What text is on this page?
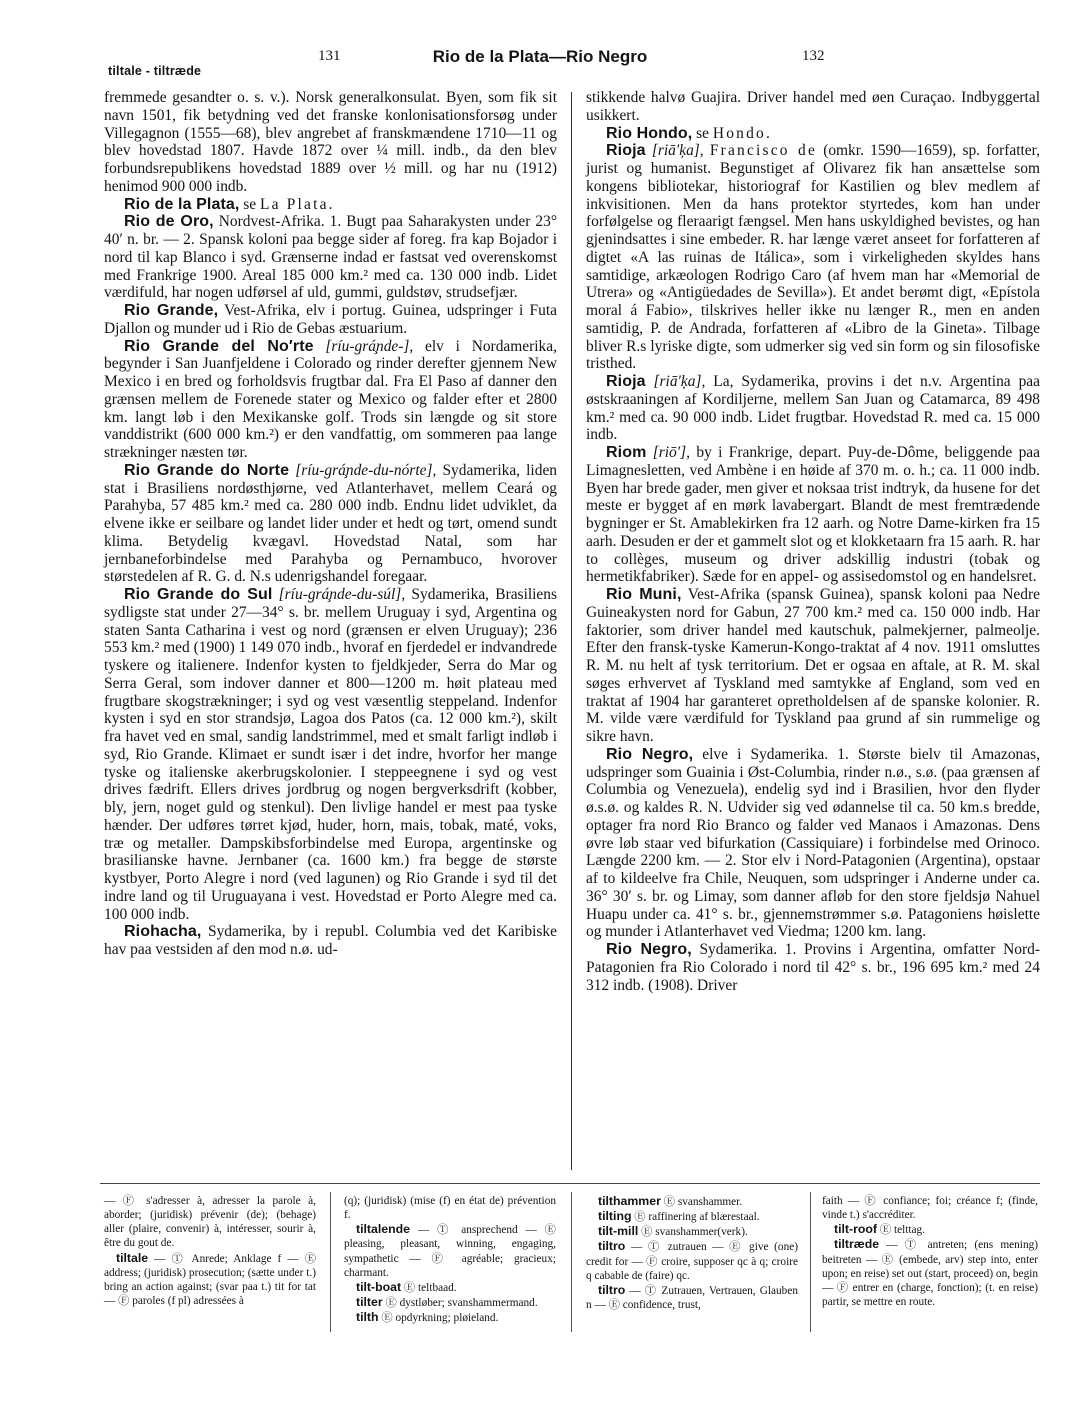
tiltale - tiltræde
131	Rio de la Plata—Rio Negro	132

fremmede gesandter o. s. v.). Norsk generalkonsulat. Byen, som fik sit navn 1501, fik betydning ved det franske konlonisationsforsøg under Villegagnon (1555—68), blev angrebet af franskmændene 1710—11 og blev hovedstad 1807. Havde 1872 over ¼ mill. indb., da den blev forbundsrepublikens hovedstad 1889 over ½ mill. og har nu (1912) henimod 900 000 indb.

Rio de la Plata, se La Plata.

Rio de Oro, Nordvest-Afrika. 1. Bugt paa Saharakysten under 23° 40′ n. br. — 2. Spansk koloni paa begge sider af foreg. fra kap Bojador i nord til kap Blanco i syd. Grænserne indad er fastsat ved overenskomst med Frankrige 1900. Areal 185 000 km.² med ca. 130 000 indb. Lidet værdifuld, har nogen udførsel af uld, gummi, guldstøv, strudsefjær.

Rio Grande, Vest-Afrika, elv i portug. Guinea, udspringer i Futa Djallon og munder ud i Rio de Gebas æstuarium.

Rio Grande del No′rte [ríu-grá̧nde-], elv i Nordamerika, begynder i San Juanfjeldene i Colorado og rinder derefter gjennem New Mexico i en bred og forholdsvis frugtbar dal. Fra El Paso af danner den grænsen mellem de Forenede stater og Mexico og falder efter et 2800 km. langt løb i den Mexikanske golf. Trods sin længde og sit store vanddistrikt (600 000 km.²) er den vandfattig, om sommeren paa lange strækninger næsten tør.

Rio Grande do Norte [ríu-grá̧nde-du-nórte], Sydamerika, liden stat i Brasiliens nordøsthjørne, ved Atlanterhavet, mellem Ceará og Parahyba, 57 485 km.² med ca. 280 000 indb. Endnu lidet udviklet, da elvene ikke er seilbare og landet lider under et hedt og tørt, omend sundt klima. Betydelig kvægavl. Hovedstad Natal, som har jernbaneforbindelse med Parahyba og Pernambuco, hvorover størstedelen af R. G. d. N.s udenrigshandel foregaar.

Rio Grande do Sul [ríu-grá̧nde-du-súl], Sydamerika, Brasiliens sydligste stat under 27—34° s. br. mellem Uruguay i syd, Argentina og staten Santa Catharina i vest og nord (grænsen er elven Uruguay); 236 553 km.² med (1900) 1 149 070 indb., hvoraf en fjerdedel er indvandrede tyskere og italienere. Indenfor kysten to fjeldkjeder, Serra do Mar og Serra Geral, som indover danner et 800—1200 m. høit plateau med frugtbare skogstrækninger; i syd og vest væsentlig steppeland. Indenfor kysten i syd en stor strandsjø, Lagoa dos Patos (ca. 12 000 km.²), skilt fra havet ved en smal, sandig landstrimmel, med et smalt farligt indløb i syd, Rio Grande. Klimaet er sundt især i det indre, hvorfor her mange tyske og italienske akerbrugskolonier. I steppeegnene i syd og vest drives fædrift. Ellers drives jordbrug og nogen bergverksdrift (kobber, bly, jern, noget guld og stenkul). Den livlige handel er mest paa tyske hænder. Der udføres tørret kjød, huder, horn, mais, tobak, maté, voks, træ og metaller. Dampskibsforbindelse med Europa, argentinske og brasilianske havne. Jernbaner (ca. 1600 km.) fra begge de største kystbyer, Porto Alegre i nord (ved lagunen) og Rio Grande i syd til det indre land og til Uruguayana i vest. Hovedstad er Porto Alegre med ca. 100 000 indb.

Riohacha, Sydamerika, by i republ. Columbia ved det Karibiske hav paa vestsiden af den mod n.ø. ud-

stikkende halvø Guajira. Driver handel med øen Curaçao. Indbyggertal usikkert.

Rio Hondo, se Hondo.

Rioja [riā′ķa], Francisco de (omkr. 1590—1659), sp. forfatter, jurist og humanist. Begunstiget af Olivarez fik han ansættelse som kongens bibliotekar, historiograf for Kastilien og blev medlem af inkvisitionen. Men da hans protektor styrtedes, kom han under forfølgelse og fleraarigt fængsel. Men hans uskyldighed bevistes, og han gjenindsattes i sine embeder. R. har længe været anseet for forfatteren af digtet «A las ruinas de Itálica», som i virkeligheden skyldes hans samtidige, arkæologen Rodrigo Caro (af hvem man har «Memorial de Utrera» og «Antigüedades de Sevilla»). Et andet berømt digt, «Epístola moral á Fabio», tilskrives heller ikke nu længer R., men en anden samtidig, P. de Andrada, forfatteren af «Libro de la Gineta». Tilbage bliver R.s lyriske digte, som udmerker sig ved sin form og sin filosofiske tristhed.

Rioja [riā′ķa], La, Sydamerika, provins i det n.v. Argentina paa østskraaningen af Kordiljerne, mellem San Juan og Catamarca, 89 498 km.² med ca. 90 000 indb. Lidet frugtbar. Hovedstad R. med ca. 15 000 indb.

Riom [riō′], by i Frankrige, depart. Puy-de-Dôme, beliggende paa Limagnesletten, ved Ambène i en høide af 370 m. o. h.; ca. 11 000 indb. Byen har brede gader, men giver et noksaa trist indtryk, da husene for det meste er bygget af en mørk lavabergart. Blandt de mest fremtrædende bygninger er St. Amablekirken fra 12 aarh. og Notre Dame-kirken fra 15 aarh. Desuden er der et gammelt slot og et klokketaarn fra 15 aarh. R. har to collèges, museum og driver adskillig industri (tobak og hermetikfabriker). Sæde for en appel- og assisedomstol og en handelsret.

Rio Muni, Vest-Afrika (spansk Guinea), spansk koloni paa Nedre Guineakysten nord for Gabun, 27 700 km.² med ca. 150 000 indb. Har faktorier, som driver handel med kautschuk, palmekjerner, palmeolje. Efter den fransk-tyske Kamerun-Kongo-traktat af 4 nov. 1911 omsluttes R. M. nu helt af tysk territorium. Det er ogsaa en aftale, at R. M. skal søges erhvervet af Tyskland med samtykke af England, som ved en traktat af 1904 har garanteret opretholdelsen af de spanske kolonier. R. M. vilde være værdifuld for Tyskland paa grund af sin rummelige og sikre havn.

Rio Negro, elve i Sydamerika. 1. Største bielv til Amazonas, udspringer som Guainia i Øst-Columbia, rinder n.ø., s.ø. (paa grænsen af Columbia og Venezuela), endelig syd ind i Brasilien, hvor den flyder ø.s.ø. og kaldes R. N. Udvider sig ved ødannelse til ca. 50 km.s bredde, optager fra nord Rio Branco og falder ved Manaos i Amazonas. Dens øvre løb staar ved bifurkation (Cassiquiare) i forbindelse med Orinoco. Længde 2200 km. — 2. Stor elv i Nord-Patagonien (Argentina), opstaar af to kildeelve fra Chile, Neuquen, som udspringer i Anderne under ca. 36° 30′ s. br. og Limay, som danner afløb for den store fjeldsjø Nahuel Huapu under ca. 41° s. br., gjennemstrømmer s.ø. Patagoniens høislette og munder i Atlanterhavet ved Viedma; 1200 km. lang.

Rio Negro, Sydamerika. 1. Provins i Argentina, omfatter Nord-Patagonien fra Rio Colorado i nord til 42° s. br., 196 695 km.² med 24 312 indb. (1908). Driver

— Ⓕ s'adresser à, adresser la parole à, aborder; (juridisk) prévenir (de); (behage) aller (plaire, convenir) à, intéresser, sourir à, être du gout de.

tiltale — Ⓣ Anrede; Anklage f — Ⓔ address; (juridisk) prosecution; (sætte under t.) bring an action against; (svar paa t.) tit for tat — Ⓕ paroles (f pl) adressées à

(q); (juridisk) (mise (f) en état de) prévention f.

tiltalende — Ⓣ ansprechend — Ⓔ pleasing, pleasant, winning, engaging, sympathetic — Ⓕ agréable; gracieux; charmant.

tilt-boat Ⓔ teltbaad.

tilter Ⓔ dystløber; svanshammermand.

tilth Ⓔ opdyrkning; pløieland.

tilthammer Ⓔ svanshammer.

tilting Ⓔ raffinering af blærestaal.

tilt-mill Ⓔ svanshammer(verk).

tiltro — Ⓣ zutrauen — Ⓔ give (one) credit for — Ⓕ croire, supposer qc à q; croire q cabable de (faire) qc.

tiltro — Ⓣ Zutrauen, Vertrauen, Glauben n — Ⓔ confidence, trust,

faith — Ⓕ confiance; foi; créance f; (finde, vinde t.) s'accréditer.

tilt-roof Ⓔ telttag.

tiltræde — Ⓣ antreten; (ens mening) beitreten — Ⓔ (embede, arv) step into, enter upon; en reise) set out (start, proceed) on, begin — Ⓕ entrer en (charge, fonction); (t. en reise) partir, se mettre en route.
